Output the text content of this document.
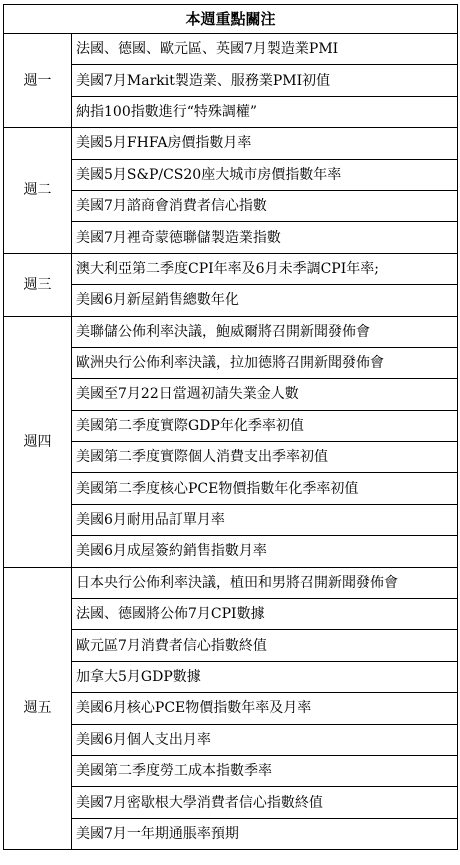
本週重點關注	
週一	法國、德國、歐元區、英國7月製造業PMI
	美國7月Markit製造業、服務業PMI初值
	納指100指數進行“特殊調權”
週二	美國5月FHFA房價指數月率
	美國5月S&P/CS20座大城市房價指數年率
	美國7月諮商會消費者信心指數
	美國7月裡奇蒙德聯儲製造業指數
週三	澳大利亞第二季度CPI年率及6月未季調CPI年率;
	美國6月新屋銷售總數年化
週四	美聯儲公佈利率決議，鮑威爾將召開新聞發佈會
	歐洲央行公佈利率決議，拉加德將召開新聞發佈會
	美國至7月22日當週初請失業金人數
	美國第二季度實際GDP年化季率初值
	美國第二季度實際個人消費支出季率初值
	美國第二季度核心PCE物價指數年化季率初值
	美國6月耐用品訂單月率
	美國6月成屋簽約銷售指數月率
週五	日本央行公佈利率決議，植田和男將召開新聞發佈會
	法國、德國將公佈7月CPI數據
	歐元區7月消費者信心指數終值
	加拿大5月GDP數據
	美國6月核心PCE物價指數年率及月率
	美國6月個人支出月率
	美國第二季度勞工成本指數季率
	美國7月密歇根大學消費者信心指數終值
	美國7月一年期通脹率預期
